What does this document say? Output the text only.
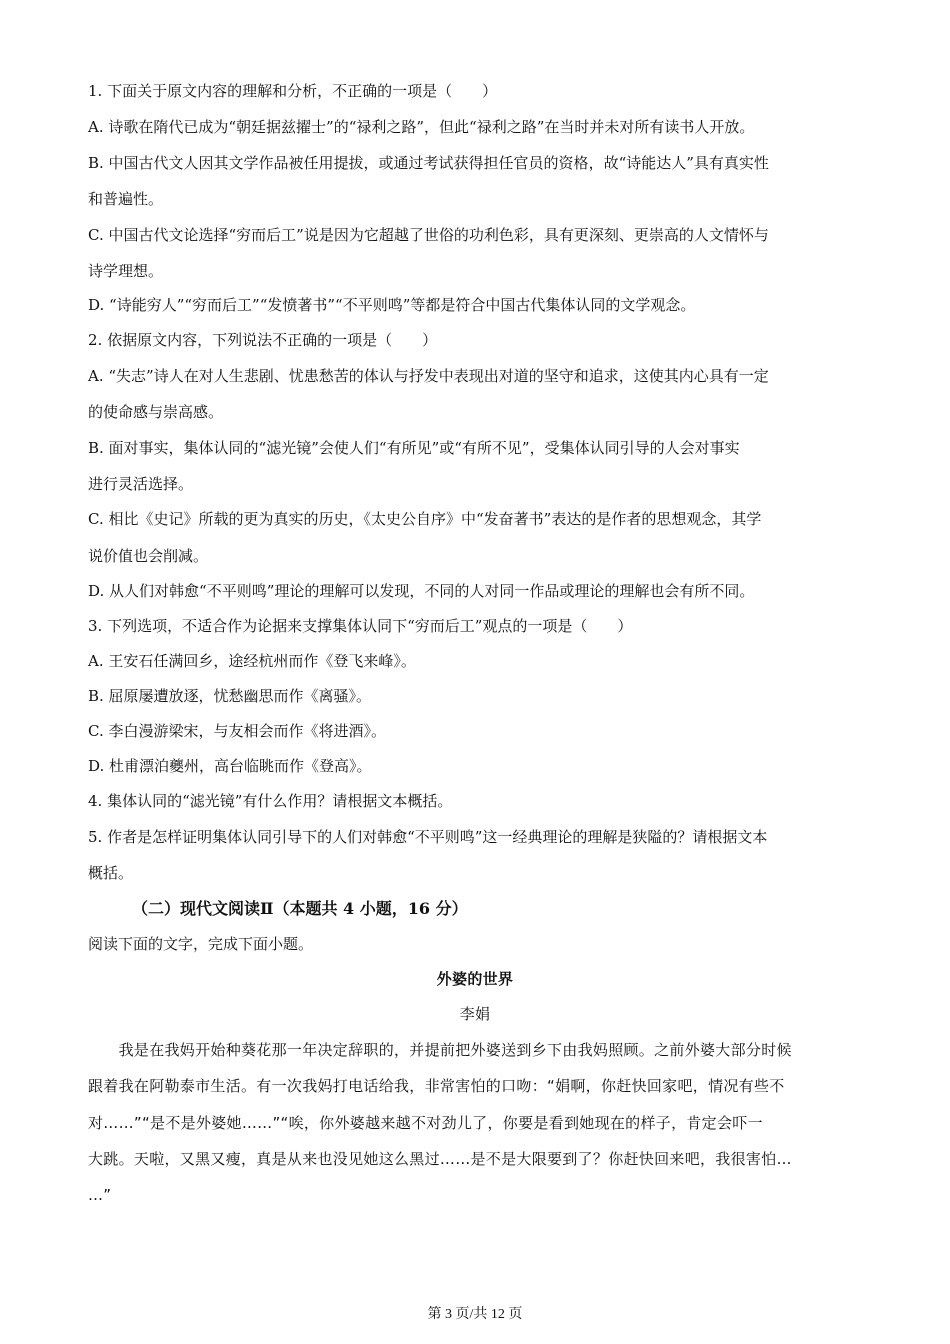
1. 下面关于原文内容的理解和分析，不正确的一项是（　　）
A. 诗歌在隋代已成为“朝廷据兹擢士”的“禄利之路”，但此“禄利之路”在当时并未对所有读书人开放。
B. 中国古代文人因其文学作品被任用提拔，或通过考试获得担任官员的资格，故“诗能达人”具有真实性
和普遍性。
C. 中国古代文论选择“穷而后工”说是因为它超越了世俗的功利色彩，具有更深刻、更崇高的人文情怀与
诗学理想。
D. “诗能穷人”“穷而后工”“发愤著书”“不平则鸣”等都是符合中国古代集体认同的文学观念。
2. 依据原文内容，下列说法不正确的一项是（　　）
A. “失志”诗人在对人生悲剧、忧患愁苦的体认与抒发中表现出对道的坚守和追求，这使其内心具有一定
的使命感与崇高感。
B. 面对事实，集体认同的“滤光镜”会使人们“有所见”或“有所不见”，受集体认同引导的人会对事实
进行灵活选择。
C. 相比《史记》所载的更为真实的历史，《太史公自序》中“发奋著书”表达的是作者的思想观念，其学
说价值也会削减。
D. 从人们对韩愈“不平则鸣”理论的理解可以发现，不同的人对同一作品或理论的理解也会有所不同。
3. 下列选项，不适合作为论据来支撑集体认同下“穷而后工”观点的一项是（　　）
A. 王安石任满回乡，途经杭州而作《登飞来峰》。
B. 屈原屡遭放逐，忧愁幽思而作《离骚》。
C. 李白漫游梁宋，与友相会而作《将进酒》。
D. 杜甫漂泊夔州，高台临眺而作《登高》。
4. 集体认同的“滤光镜”有什么作用？请根据文本概括。
5. 作者是怎样证明集体认同引导下的人们对韩愈“不平则鸣”这一经典理论的理解是狭隘的？请根据文本
概括。
（二）现代文阅读Ⅱ（本题共 4 小题，16 分）
阅读下面的文字，完成下面小题。
外婆的世界
李娟
　　我是在我妈开始种葵花那一年决定辞职的，并提前把外婆送到乡下由我妈照顾。之前外婆大部分时候
跟着我在阿勒泰市生活。有一次我妈打电话给我，非常害怕的口吻：“娟啊，你赶快回家吧，情况有些不
对……”“是不是外婆她……”“唉，你外婆越来越不对劲儿了，你要是看到她现在的样子，肯定会吓一
大跳。天啦，又黑又瘦，真是从来也没见她这么黑过……是不是大限要到了？你赶快回来吧，我很害怕…
…”
第 3 页/共 12 页
